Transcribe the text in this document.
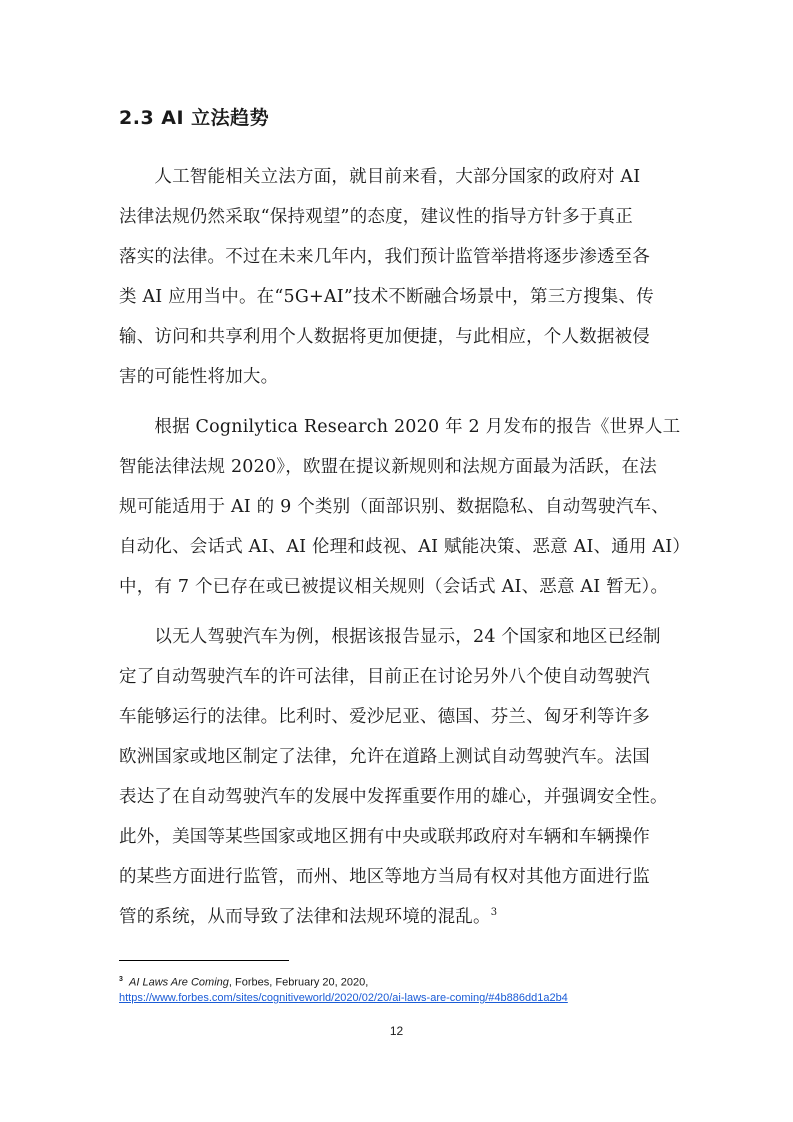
2.3 AI 立法趋势
　　人工智能相关立法方面，就目前来看，大部分国家的政府对 AI
法律法规仍然采取“保持观望”的态度，建议性的指导方针多于真正
落实的法律。不过在未来几年内，我们预计监管举措将逐步渗透至各
类 AI 应用当中。在“5G+AI”技术不断融合场景中，第三方搜集、传
输、访问和共享利用个人数据将更加便捷，与此相应，个人数据被侵
害的可能性将加大。
　　根据 Cognilytica Research 2020 年 2 月发布的报告《世界人工
智能法律法规 2020》，欧盟在提议新规则和法规方面最为活跃，在法
规可能适用于 AI 的 9 个类别（面部识别、数据隐私、自动驾驶汽车、
自动化、会话式 AI、AI 伦理和歧视、AI 赋能决策、恶意 AI、通用 AI）
中，有 7 个已存在或已被提议相关规则（会话式 AI、恶意 AI 暂无）。
　　以无人驾驶汽车为例，根据该报告显示，24 个国家和地区已经制
定了自动驾驶汽车的许可法律，目前正在讨论另外八个使自动驾驶汽
车能够运行的法律。比利时、爱沙尼亚、德国、芬兰、匈牙利等许多
欧洲国家或地区制定了法律，允许在道路上测试自动驾驶汽车。法国
表达了在自动驾驶汽车的发展中发挥重要作用的雄心，并强调安全性。
此外，美国等某些国家或地区拥有中央或联邦政府对车辆和车辆操作
的某些方面进行监管，而州、地区等地方当局有权对其他方面进行监
管的系统，从而导致了法律和法规环境的混乱。$^3$
$^3$ AI Laws Are Coming, Forbes, February 20, 2020,
https://www.forbes.com/sites/cognitiveworld/2020/02/20/ai-laws-are-coming/#4b886dd1a2b4
12
